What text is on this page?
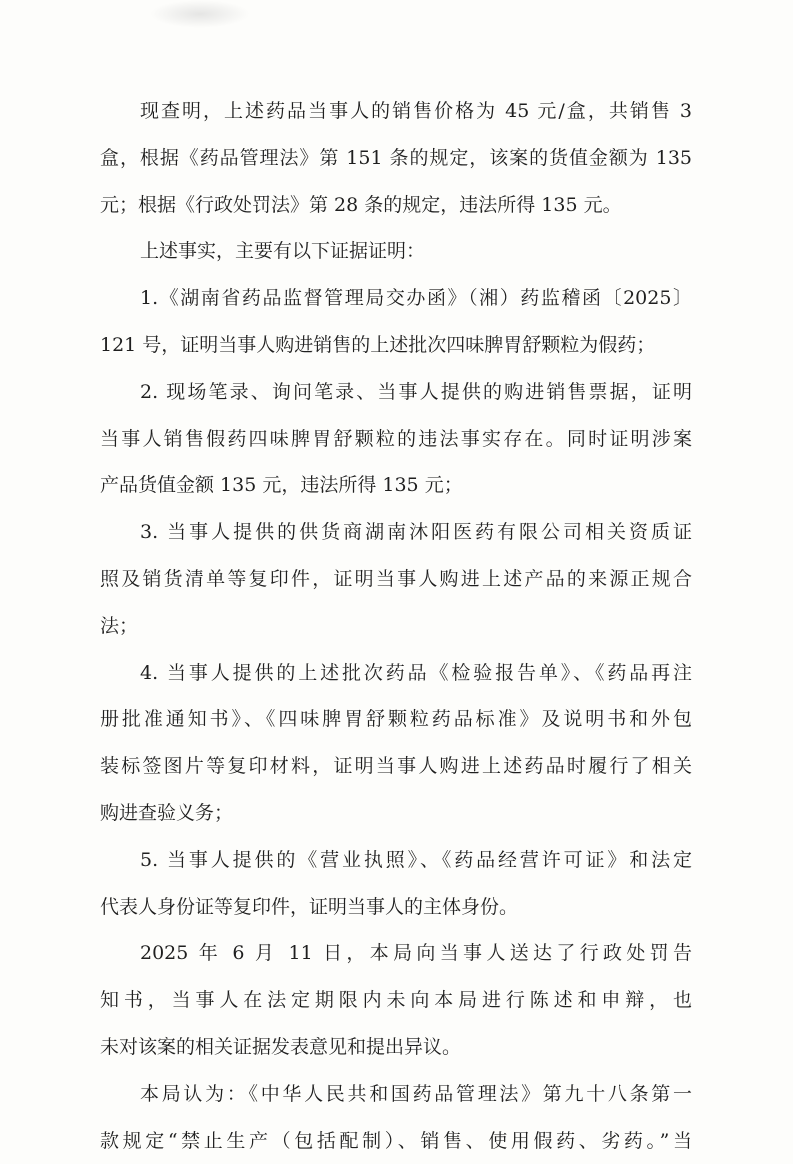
现查明，上述药品当事人的销售价格为 45 元/盒，共销售 3
盒，根据《药品管理法》第 151 条的规定，该案的货值金额为 135
元；根据《行政处罚法》第 28 条的规定，违法所得 135 元。
上述事实，主要有以下证据证明：
1.《湖南省药品监督管理局交办函》（湘）药监稽函〔2025〕
121 号，证明当事人购进销售的上述批次四味脾胃舒颗粒为假药；
2. 现场笔录、询问笔录、当事人提供的购进销售票据，证明
当事人销售假药四味脾胃舒颗粒的违法事实存在。同时证明涉案
产品货值金额 135 元，违法所得 135 元；
3. 当事人提供的供货商湖南沐阳医药有限公司相关资质证
照及销货清单等复印件，证明当事人购进上述产品的来源正规合
法；
4. 当事人提供的上述批次药品《检验报告单》、《药品再注
册批准通知书》、《四味脾胃舒颗粒药品标准》及说明书和外包
装标签图片等复印材料，证明当事人购进上述药品时履行了相关
购进查验义务；
5. 当事人提供的《营业执照》、《药品经营许可证》和法定
代表人身份证等复印件，证明当事人的主体身份。
2025 年 6 月 11 日，本局向当事人送达了行政处罚告
知书，当事人在法定期限内未向本局进行陈述和申辩，也
未对该案的相关证据发表意见和提出异议。
本局认为：《中华人民共和国药品管理法》第九十八条第一
款规定“禁止生产（包括配制）、销售、使用假药、劣药。”当
